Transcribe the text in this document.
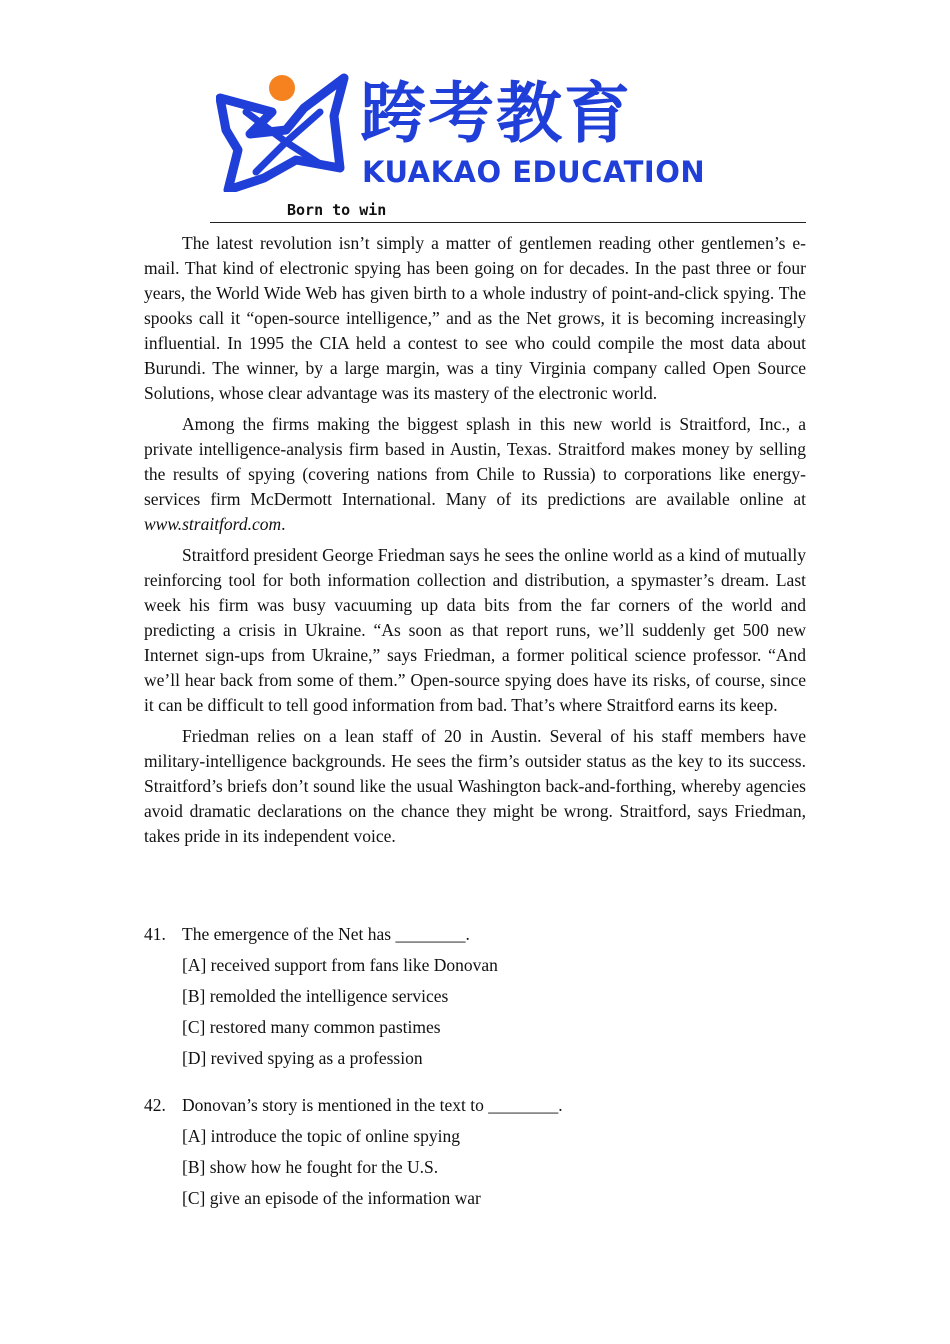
跨考教育
KUAKAO EDUCATION
Born to win

The latest revolution isn’t simply a matter of gentlemen reading other gentlemen’s e-mail. That kind of electronic spying has been going on for decades. In the past three or four years, the World Wide Web has given birth to a whole industry of point-and-click spying. The spooks call it “open-source intelligence,” and as the Net grows, it is becoming increasingly influential. In 1995 the CIA held a contest to see who could compile the most data about Burundi. The winner, by a large margin, was a tiny Virginia company called Open Source Solutions, whose clear advantage was its mastery of the electronic world.

Among the firms making the biggest splash in this new world is Straitford, Inc., a private intelligence-analysis firm based in Austin, Texas. Straitford makes money by selling the results of spying (covering nations from Chile to Russia) to corporations like energy-services firm McDermott International. Many of its predictions are available online at www.straitford.com.

Straitford president George Friedman says he sees the online world as a kind of mutually reinforcing tool for both information collection and distribution, a spymaster’s dream. Last week his firm was busy vacuuming up data bits from the far corners of the world and predicting a crisis in Ukraine. “As soon as that report runs, we’ll suddenly get 500 new Internet sign-ups from Ukraine,” says Friedman, a former political science professor. “And we’ll hear back from some of them.” Open-source spying does have its risks, of course, since it can be difficult to tell good information from bad. That’s where Straitford earns its keep.

Friedman relies on a lean staff of 20 in Austin. Several of his staff members have military-intelligence backgrounds. He sees the firm’s outsider status as the key to its success. Straitford’s briefs don’t sound like the usual Washington back-and-forthing, whereby agencies avoid dramatic declarations on the chance they might be wrong. Straitford, says Friedman, takes pride in its independent voice.

41. The emergence of the Net has ________.
[A] received support from fans like Donovan
[B] remolded the intelligence services
[C] restored many common pastimes
[D] revived spying as a profession
42. Donovan’s story is mentioned in the text to ________.
[A] introduce the topic of online spying
[B] show how he fought for the U.S.
[C] give an episode of the information war
